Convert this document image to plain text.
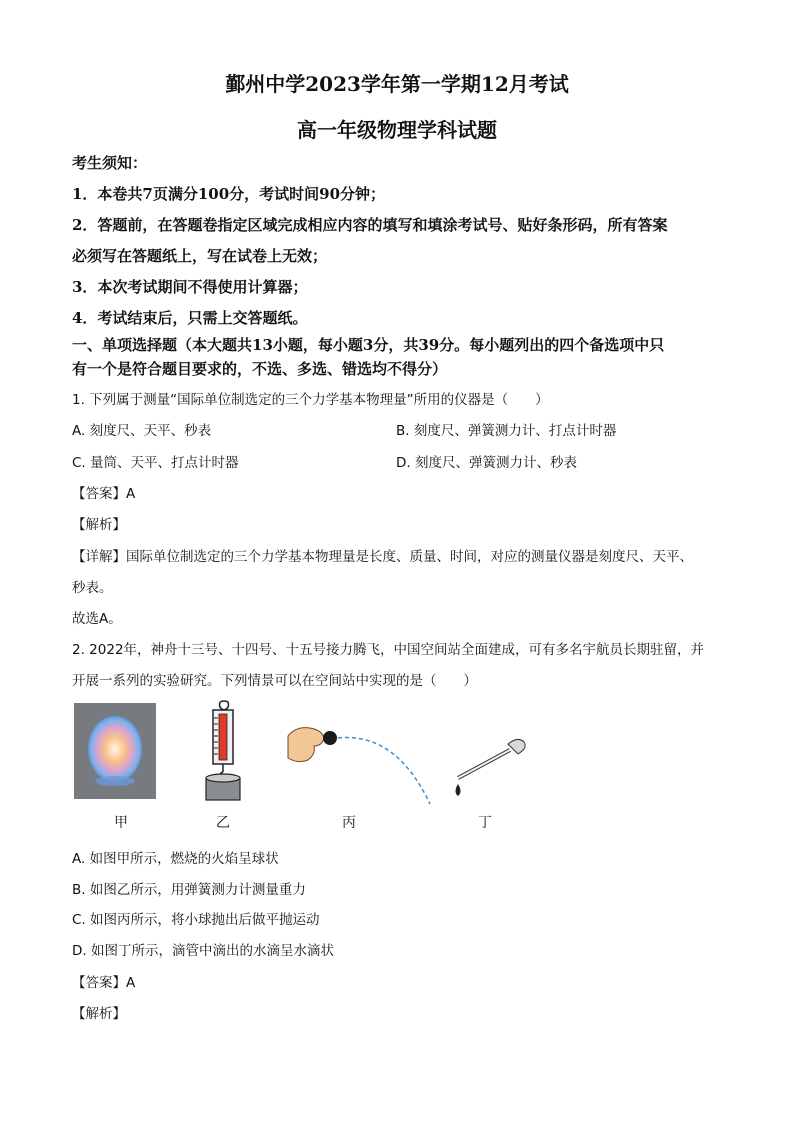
鄞州中学2023学年第一学期12月考试
高一年级物理学科试题
考生须知：
1．本卷共7页满分100分，考试时间90分钟；
2．答题前，在答题卷指定区域完成相应内容的填写和填涂考试号、贴好条形码，所有答案
必须写在答题纸上，写在试卷上无效；
3．本次考试期间不得使用计算器；
4．考试结束后，只需上交答题纸。
一、单项选择题（本大题共13小题，每小题3分，共39分。每小题列出的四个备选项中只
有一个是符合题目要求的，不选、多选、错选均不得分）
1. 下列属于测量“国际单位制选定的三个力学基本物理量”所用的仪器是（　　）
A. 刻度尺、天平、秒表	B. 刻度尺、弹簧测力计、打点计时器
C. 量筒、天平、打点计时器	D. 刻度尺、弹簧测力计、秒表
【答案】A
【解析】
【详解】国际单位制选定的三个力学基本物理量是长度、质量、时间，对应的测量仪器是刻度尺、天平、
秒表。
故选A。
2. 2022年，神舟十三号、十四号、十五号接力腾飞，中国空间站全面建成，可有多名宇航员长期驻留，并
开展一系列的实验研究。下列情景可以在空间站中实现的是（　　）
甲	乙	丙	丁
A. 如图甲所示，燃烧的火焰呈球状
B. 如图乙所示，用弹簧测力计测量重力
C. 如图丙所示，将小球抛出后做平抛运动
D. 如图丁所示，滴管中滴出的水滴呈水滴状
【答案】A
【解析】
